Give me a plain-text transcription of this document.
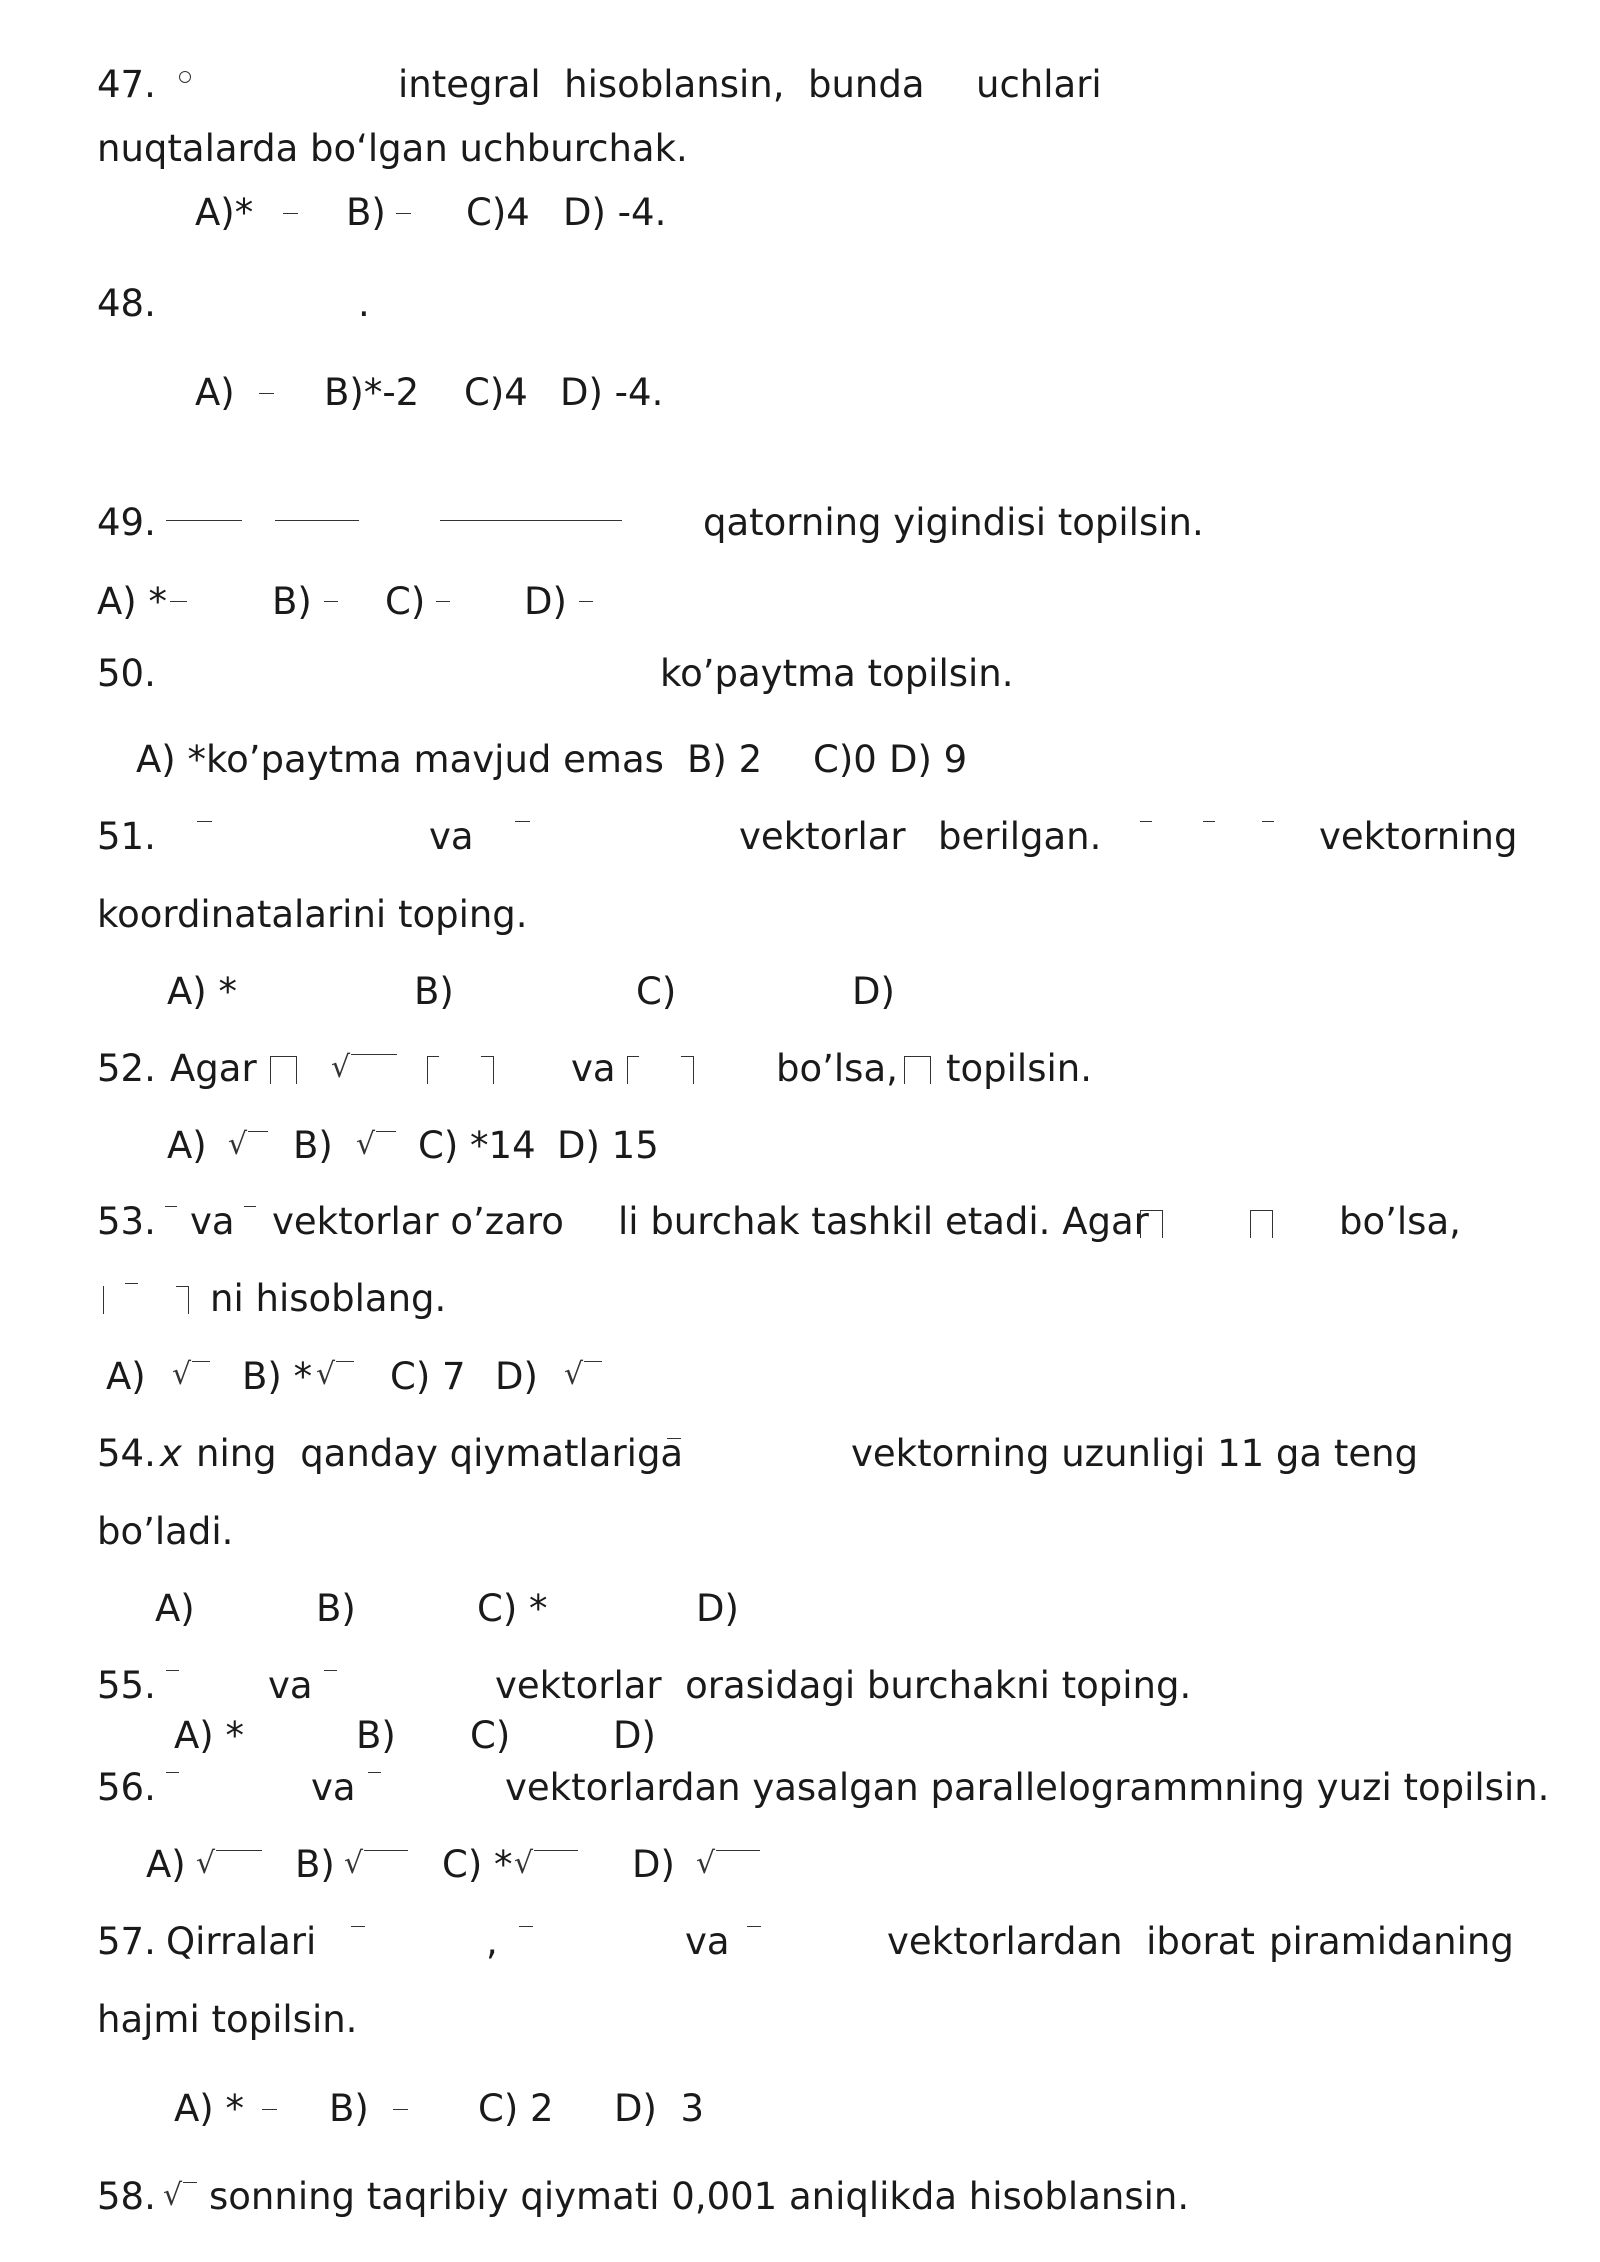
47.	integral  hisoblansin,  bunda uchlari
nuqtalarda bo‘lgan uchburchak.
A)*	B) C)4 D) -4.
48.	.
A) B)*-2 C)4 D) -4.
49.	qatorning yigindisi topilsin.
A) *	B) C)	D)
50.	ko’paytma topilsin.
A) *ko’paytma mavjud emas B) 2 C)0 D) 9
51.	va	vektorlar berilgan.	vektorning
koordinatalarini toping.
A) *	B)	C)	D)
52. Agar √	va	bo’lsa, topilsin.
A) √ B) √ C) *14 D) 15
53. va vektorlar o’zaro li burchak tashkil etadi. Agar	bo’lsa,
ni hisoblang.
A) √ B) * √ C) 7 D) √
54. x ning  qanday qiymatlariga	vektorning uzunligi 11 ga teng
bo’ladi.
A)	B)	C) *	D)
55.	va	vektorlar  orasidagi burchakni toping.
A) *	B) C)	D)
56.	va	vektorlardan yasalgan parallelogrammning yuzi topilsin.
A) √ B) √ C) * √	D) √
57. Qirralari	,	va	vektorlardan  iborat piramidaning
hajmi topilsin.
A) * B)	C) 2 D)  3
58. √ sonning taqribiy qiymati 0,001 aniqlikda hisoblansin.
